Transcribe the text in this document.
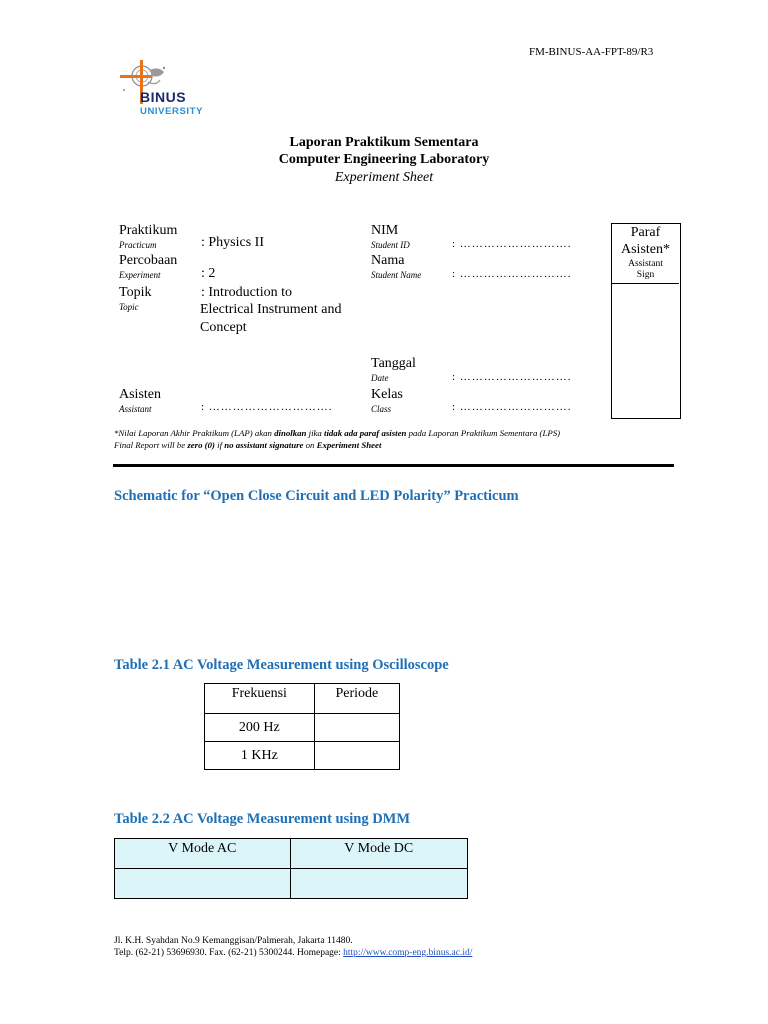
FM-BINUS-AA-FPT-89/R3
BINUS
UNIVERSITY
Laporan Praktikum Sementara
Computer Engineering Laboratory
Experiment Sheet
Praktikum
Practicum	: Physics II
Percobaan
Experiment	: 2
Topik
Topic
: Introduction to
Electrical Instrument and
Concept
Asisten
Assistant	: ………………………….
NIM
Student ID	: ……………………….
Nama
Student Name	: ……………………….
Tanggal
Date	: ……………………….
Kelas
Class	: ……………………….
Paraf
Asisten*
Assistant
Sign
*Nilai Laporan Akhir Praktikum (LAP) akan dinolkan jika tidak ada paraf asisten pada Laporan Praktikum Sementara (LPS)
Final Report will be zero (0) if no assistant signature on Experiment Sheet
Schematic for “Open Close Circuit and LED Polarity” Practicum
Table 2.1 AC Voltage Measurement using Oscilloscope
Frekuensi	Periode
200 Hz	
1 KHz	
Table 2.2 AC Voltage Measurement using DMM
V Mode AC	V Mode DC

Jl. K.H. Syahdan No.9 Kemanggisan/Palmerah, Jakarta 11480.
Telp. (62-21) 53696930. Fax. (62-21) 5300244. Homepage: http://www.comp-eng.binus.ac.id/
